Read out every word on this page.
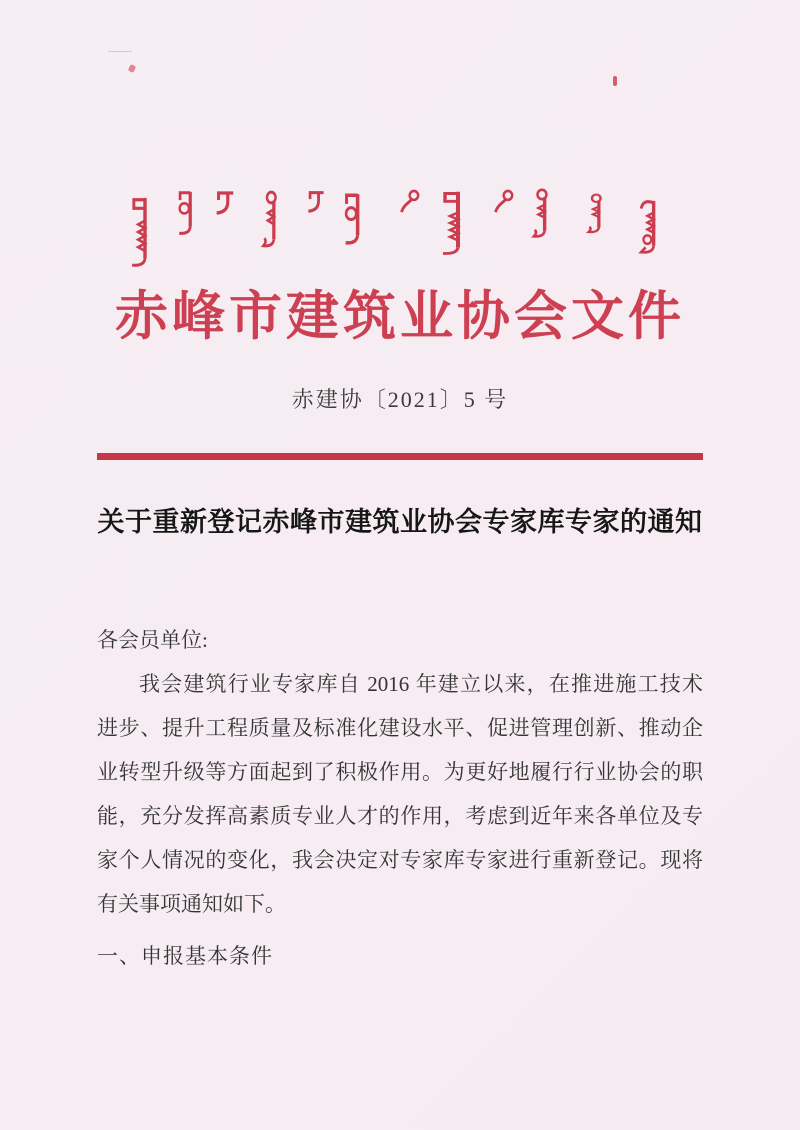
赤峰市建筑业协会文件
赤建协〔2021〕5 号
关于重新登记赤峰市建筑业协会专家库专家的通知

各会员单位:

我会建筑行业专家库自 2016 年建立以来，在推进施工技术

进步、提升工程质量及标准化建设水平、促进管理创新、推动企

业转型升级等方面起到了积极作用。为更好地履行行业协会的职

能，充分发挥高素质专业人才的作用，考虑到近年来各单位及专

家个人情况的变化，我会决定对专家库专家进行重新登记。现将

有关事项通知如下。

一、申报基本条件
